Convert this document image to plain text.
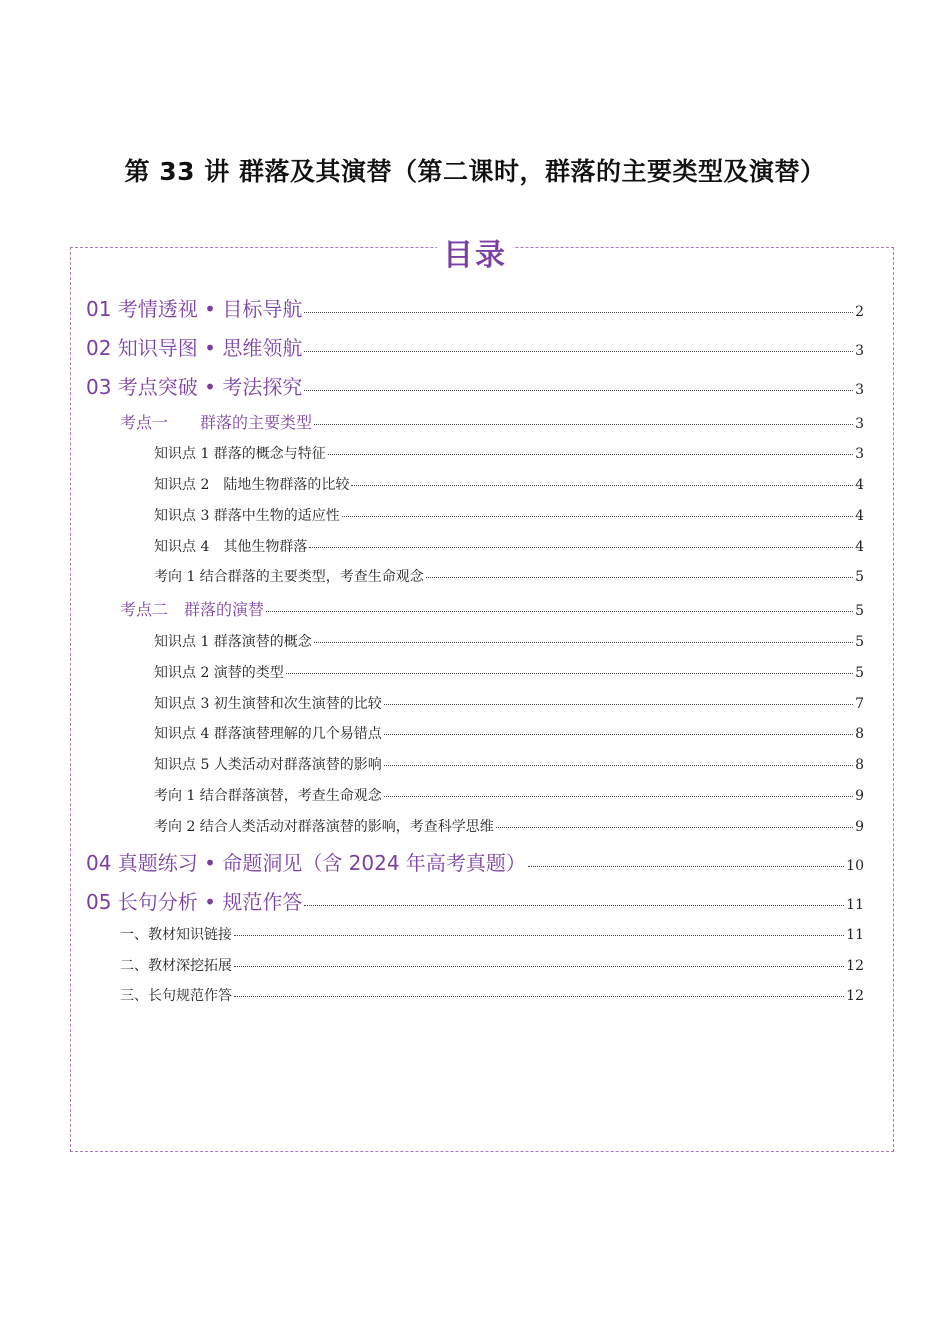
第 33 讲 群落及其演替（第二课时，群落的主要类型及演替）
目录
01 考情透视 • 目标导航	2
02 知识导图 • 思维领航	3
03 考点突破 • 考法探究	3
考点一　　群落的主要类型	3
知识点 1 群落的概念与特征	3
知识点 2　陆地生物群落的比较	4
知识点 3 群落中生物的适应性	4
知识点 4　其他生物群落	4
考向 1 结合群落的主要类型，考查生命观念	5
考点二　群落的演替	5
知识点 1 群落演替的概念	5
知识点 2 演替的类型	5
知识点 3 初生演替和次生演替的比较	7
知识点 4 群落演替理解的几个易错点	8
知识点 5 人类活动对群落演替的影响	8
考向 1 结合群落演替，考查生命观念	9
考向 2 结合人类活动对群落演替的影响，考查科学思维	9
04 真题练习 • 命题洞见（含 2024 年高考真题）	10
05 长句分析 • 规范作答	11
一、教材知识链接	11
二、教材深挖拓展	12
三、长句规范作答	12
